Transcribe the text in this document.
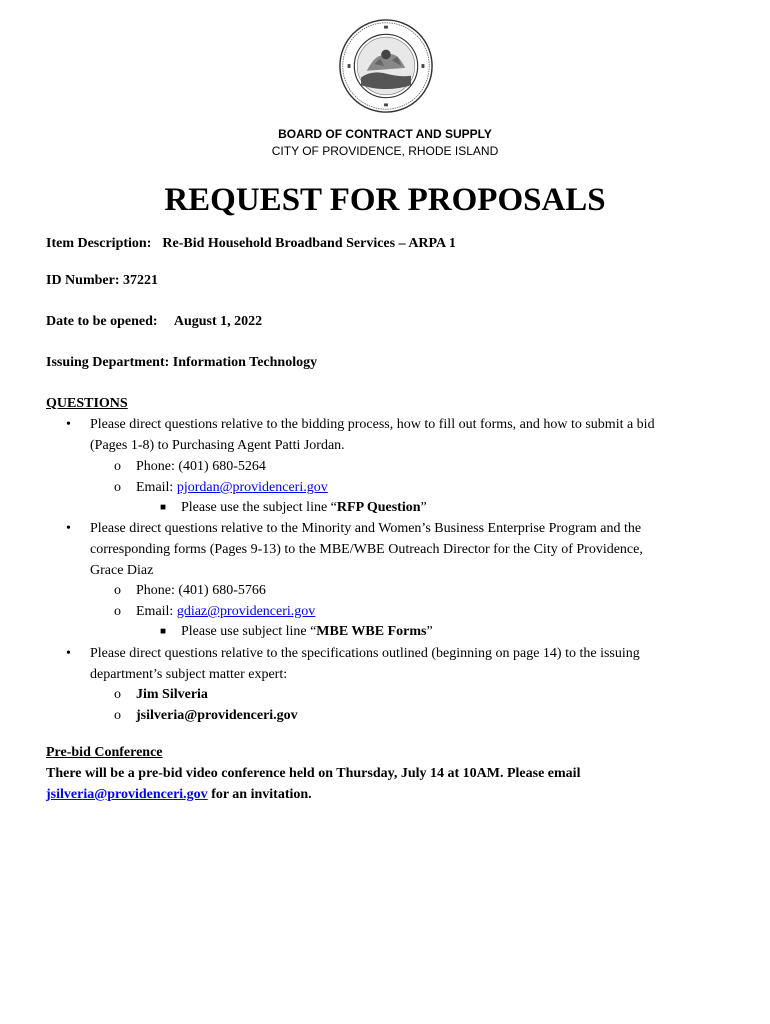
BOARD OF CONTRACT AND SUPPLY
CITY OF PROVIDENCE, RHODE ISLAND
REQUEST FOR PROPOSALS
Item Description: Re-Bid Household Broadband Services – ARPA 1
ID Number: 37221
Date to be opened: August 1, 2022
Issuing Department: Information Technology
QUESTIONS
• Please direct questions relative to the bidding process, how to fill out forms, and how to submit a bid
(Pages 1-8) to Purchasing Agent Patti Jordan.
o Phone: (401) 680-5264
o Email: pjordan@providenceri.gov
■ Please use the subject line “RFP Question”
• Please direct questions relative to the Minority and Women’s Business Enterprise Program and the
corresponding forms (Pages 9-13) to the MBE/WBE Outreach Director for the City of Providence,
Grace Diaz
o Phone: (401) 680-5766
o Email: gdiaz@providenceri.gov
■ Please use subject line “MBE WBE Forms”
• Please direct questions relative to the specifications outlined (beginning on page 14) to the issuing
department’s subject matter expert:
o Jim Silveria
o jsilveria@providenceri.gov
Pre-bid Conference
There will be a pre-bid video conference held on Thursday, July 14 at 10AM. Please email
jsilveria@providenceri.gov for an invitation.
